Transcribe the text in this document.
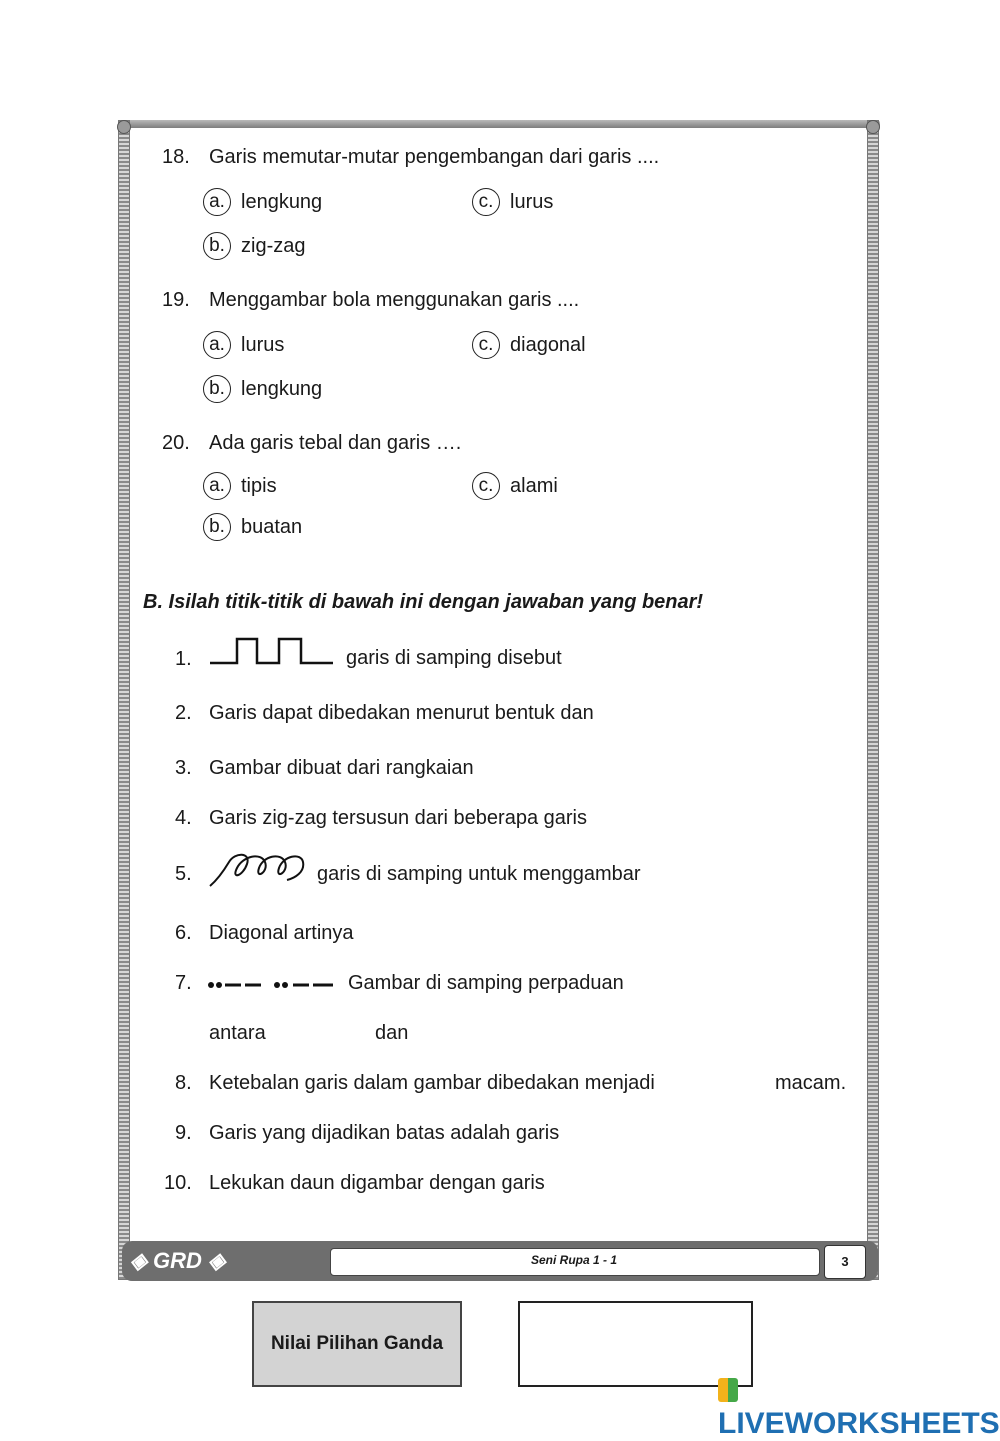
18. Garis memutar-mutar pengembangan dari garis ....
a. lengkung	c. lurus
b. zig-zag
19. Menggambar bola menggunakan garis ....
a. lurus	c. diagonal
b. lengkung
20. Ada garis tebal dan garis ….
a. tipis	c. alami
b. buatan
B. Isilah titik-titik di bawah ini dengan jawaban yang benar!
1.	garis di samping disebut
2. Garis dapat dibedakan menurut bentuk dan
3. Gambar dibuat dari rangkaian
4. Garis zig-zag tersusun dari beberapa garis
5.	garis di samping untuk menggambar
6. Diagonal artinya
7.	Gambar di samping perpaduan
antara	dan
8. Ketebalan garis dalam gambar dibedakan menjadi	macam.
9. Garis yang dijadikan batas adalah garis
10. Lekukan daun digambar dengan garis
◈ GRD ◈	Seni Rupa 1 - 1	3
Nilai Pilihan Ganda
LIVEWORKSHEETS
